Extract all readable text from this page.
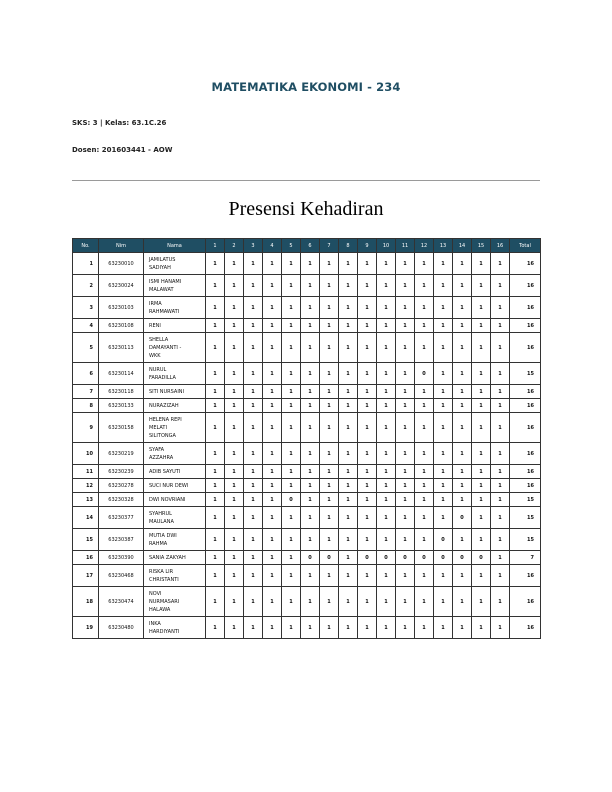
MATEMATIKA EKONOMI - 234
SKS: 3 | Kelas: 63.1C.26
Dosen: 201603441 - AOW
Presensi Kehadiran
No.	Nim	Nama	1	2	3	4	5	6	7	8	9	10	11	12	13	14	15	16	Total
1	63230010	JAMILATUS
SADIYAH	1	1	1	1	1	1	1	1	1	1	1	1	1	1	1	1	16
2	63230024	ISMI HANAMI
MALAWAT	1	1	1	1	1	1	1	1	1	1	1	1	1	1	1	1	16
3	63230103	IRMA
RAHMAWATI	1	1	1	1	1	1	1	1	1	1	1	1	1	1	1	1	16
4	63230108	RENI	1	1	1	1	1	1	1	1	1	1	1	1	1	1	1	1	16
5	63230113	SHELLA
DAMAYANTI -
WKK	1	1	1	1	1	1	1	1	1	1	1	1	1	1	1	1	16
6	63230114	NURUL
FARADILLA	1	1	1	1	1	1	1	1	1	1	1	0	1	1	1	1	15
7	63230118	SITI NURSAINI	1	1	1	1	1	1	1	1	1	1	1	1	1	1	1	1	16
8	63230133	NURAZIZAH	1	1	1	1	1	1	1	1	1	1	1	1	1	1	1	1	16
9	63230158	HELENA REPI
MELATI
SILITONGA	1	1	1	1	1	1	1	1	1	1	1	1	1	1	1	1	16
10	63230219	SYAFA
AZZAHRA	1	1	1	1	1	1	1	1	1	1	1	1	1	1	1	1	16
11	63230239	ADIB SAYUTI	1	1	1	1	1	1	1	1	1	1	1	1	1	1	1	1	16
12	63230278	SUCI NUR DEWI	1	1	1	1	1	1	1	1	1	1	1	1	1	1	1	1	16
13	63230328	DWI NOVRIANI	1	1	1	1	0	1	1	1	1	1	1	1	1	1	1	1	15
14	63230377	SYAHRUL
MAULANA	1	1	1	1	1	1	1	1	1	1	1	1	1	0	1	1	15
15	63230387	MUTIA DWI
RAHMA	1	1	1	1	1	1	1	1	1	1	1	1	0	1	1	1	15
16	63230390	SANIA ZAKYAH	1	1	1	1	1	0	0	1	0	0	0	0	0	0	0	1	7
17	63230468	RISKA LIR
CHRISTANTI	1	1	1	1	1	1	1	1	1	1	1	1	1	1	1	1	16
18	63230474	NOVI
NURMASARI
HALAWA	1	1	1	1	1	1	1	1	1	1	1	1	1	1	1	1	16
19	63230480	INKA
HARDIYANTI	1	1	1	1	1	1	1	1	1	1	1	1	1	1	1	1	16
